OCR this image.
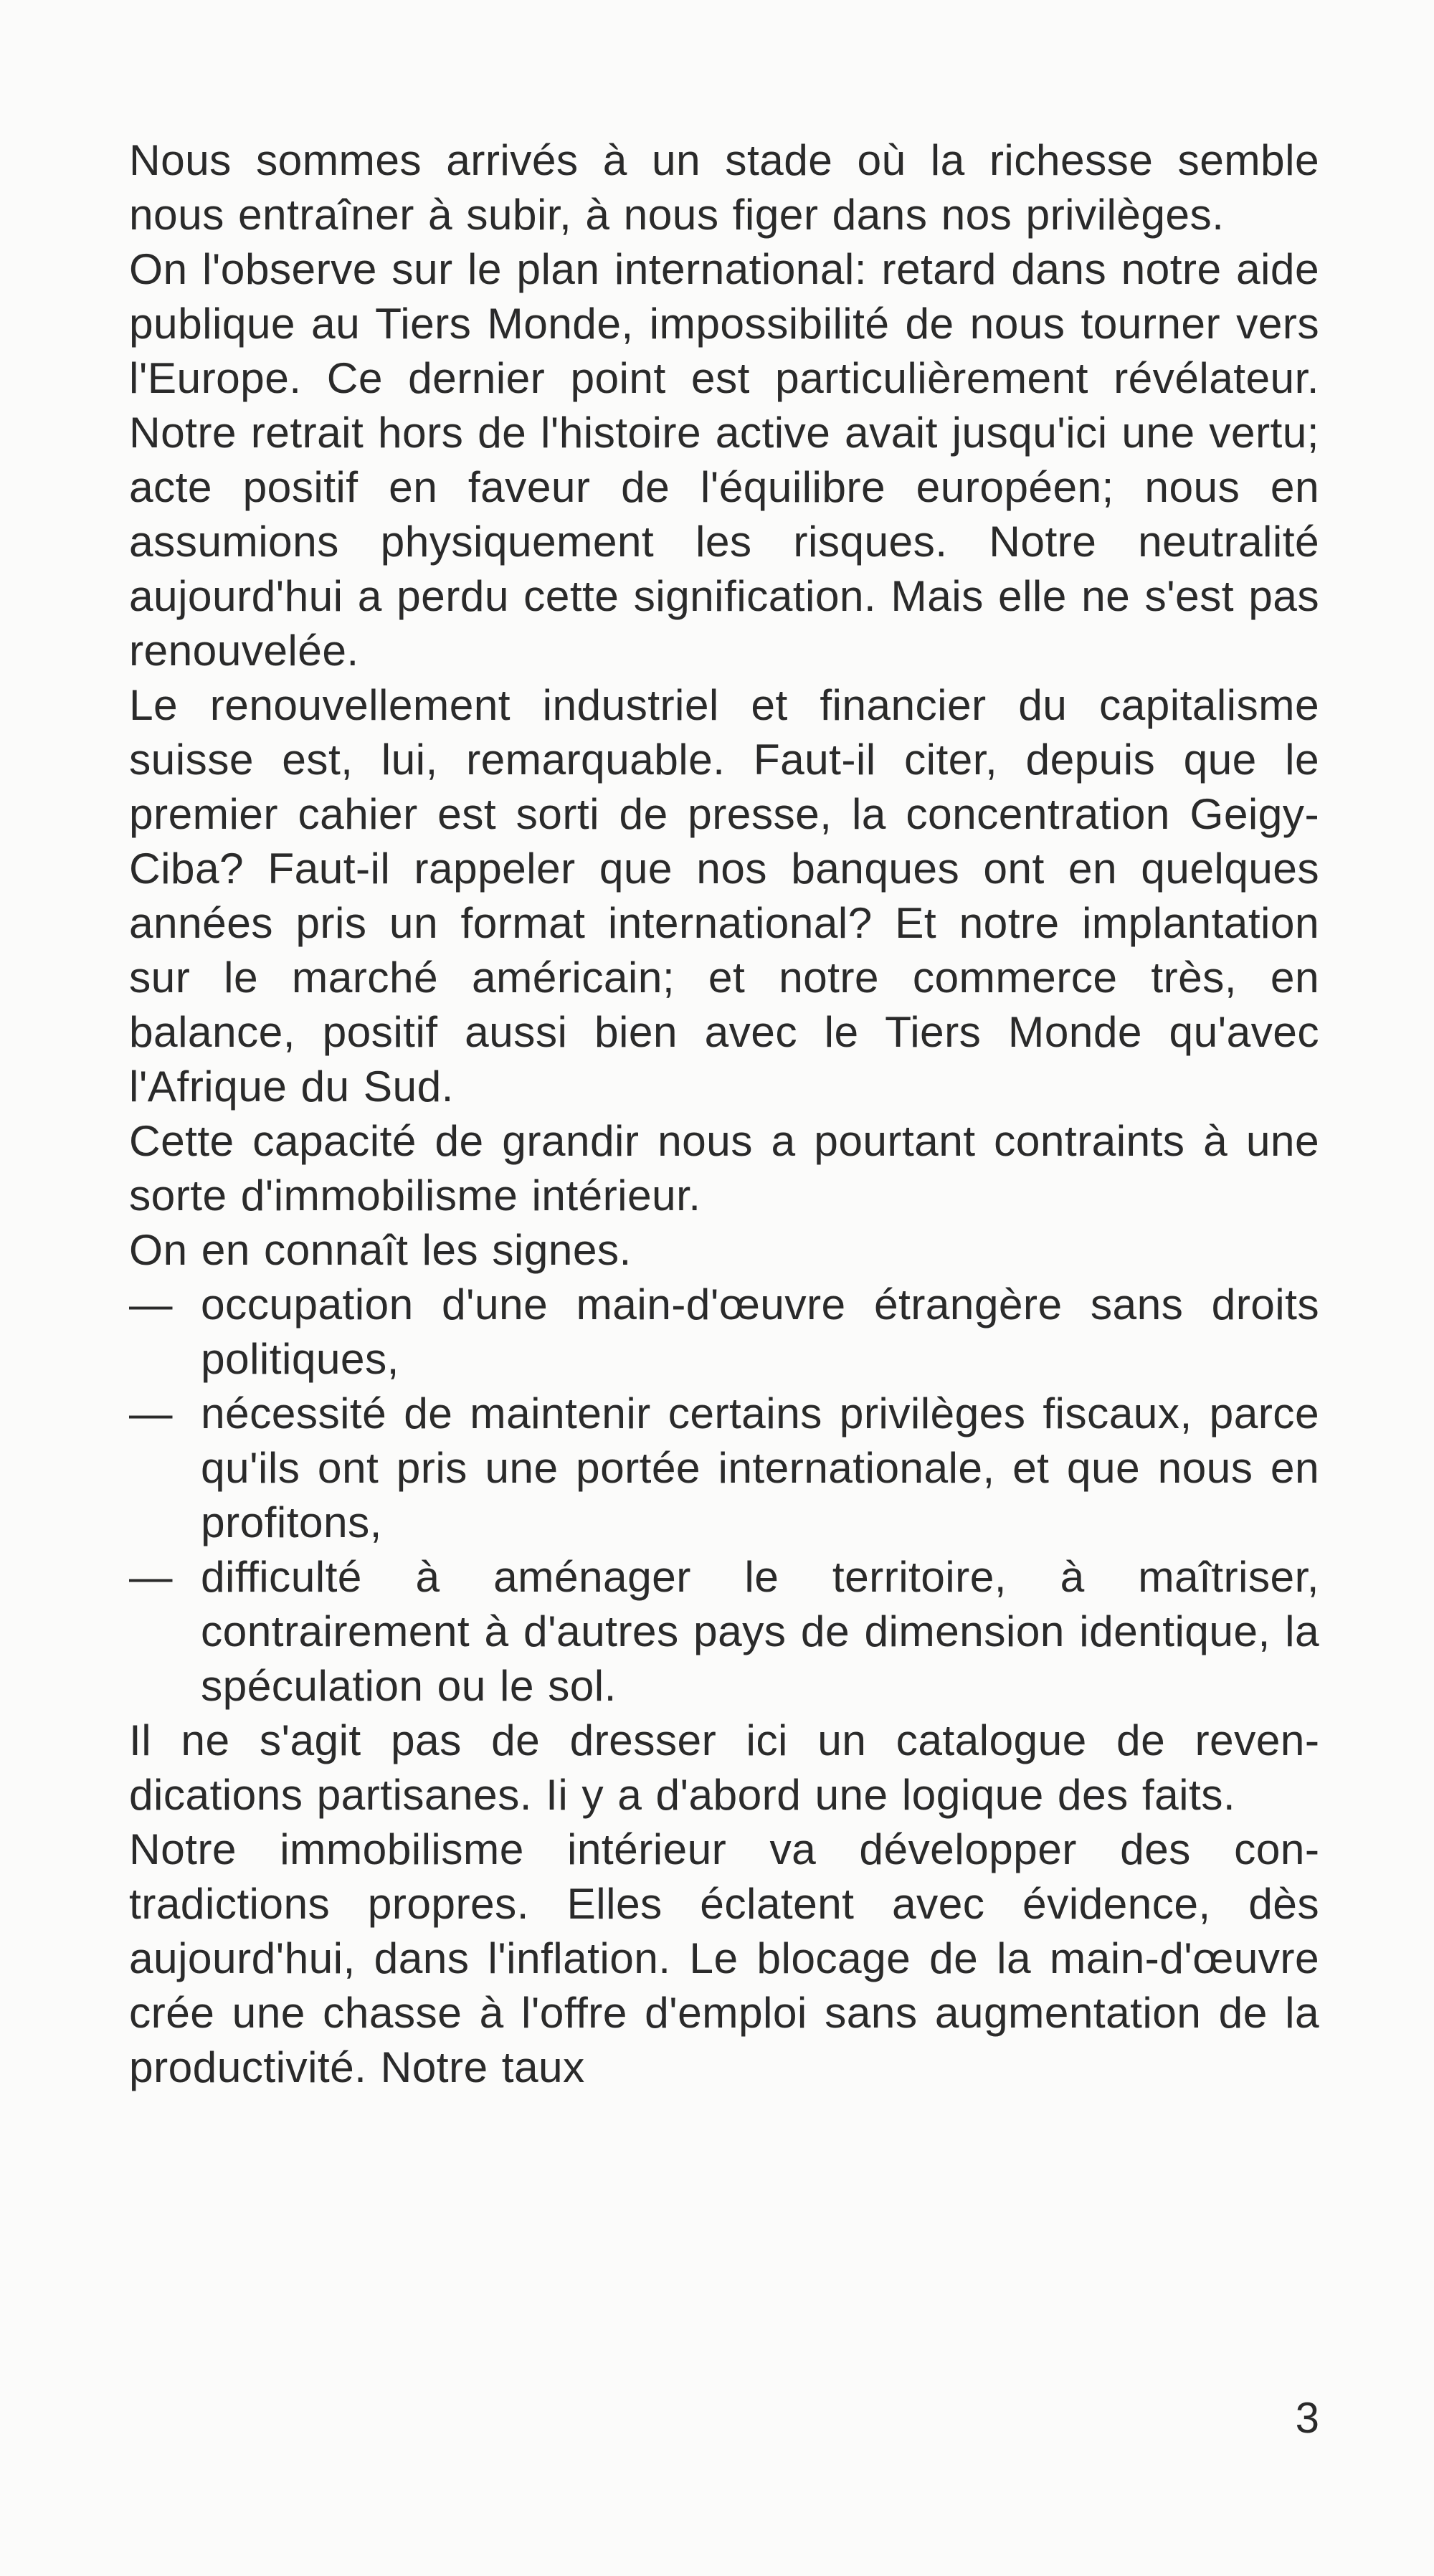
Nous sommes arrivés à un stade où la richesse semble nous entraîner à subir, à nous figer dans nos privilèges.

On l'observe sur le plan international: retard dans notre aide publique au Tiers Monde, impossibilité de nous tourner vers l'Europe. Ce dernier point est particulièrement révélateur. Notre retrait hors de l'histoire active avait jusqu'ici une vertu; acte positif en faveur de l'équilibre européen; nous en assumions physiquement les risques. Notre neutralité aujourd'hui a perdu cette signification. Mais elle ne s'est pas renouvelée.

Le renouvellement industriel et financier du capitalisme suisse est, lui, remarquable. Faut-il citer, depuis que le premier cahier est sorti de presse, la concentration Geigy-Ciba? Faut-il rappeler que nos banques ont en quelques années pris un format international? Et notre implantation sur le marché américain; et notre commerce très, en balance, positif aussi bien avec le Tiers Monde qu'avec l'Afrique du Sud.

Cette capacité de grandir nous a pourtant contraints à une sorte d'immobilisme intérieur.

On en connaît les signes.

— occupation d'une main-d'œuvre étrangère sans droits politiques,
— nécessité de maintenir certains privilèges fiscaux, parce qu'ils ont pris une portée internationale, et que nous en profitons,
— difficulté à aménager le territoire, à maîtriser, contrairement à d'autres pays de dimension identique, la spéculation ou le sol.

Il ne s'agit pas de dresser ici un catalogue de revendications partisanes. Ii y a d'abord une logique des faits.

Notre immobilisme intérieur va développer des contradictions propres. Elles éclatent avec évidence, dès aujourd'hui, dans l'inflation. Le blocage de la main-d'œuvre crée une chasse à l'offre d'emploi sans augmentation de la productivité. Notre taux

3
